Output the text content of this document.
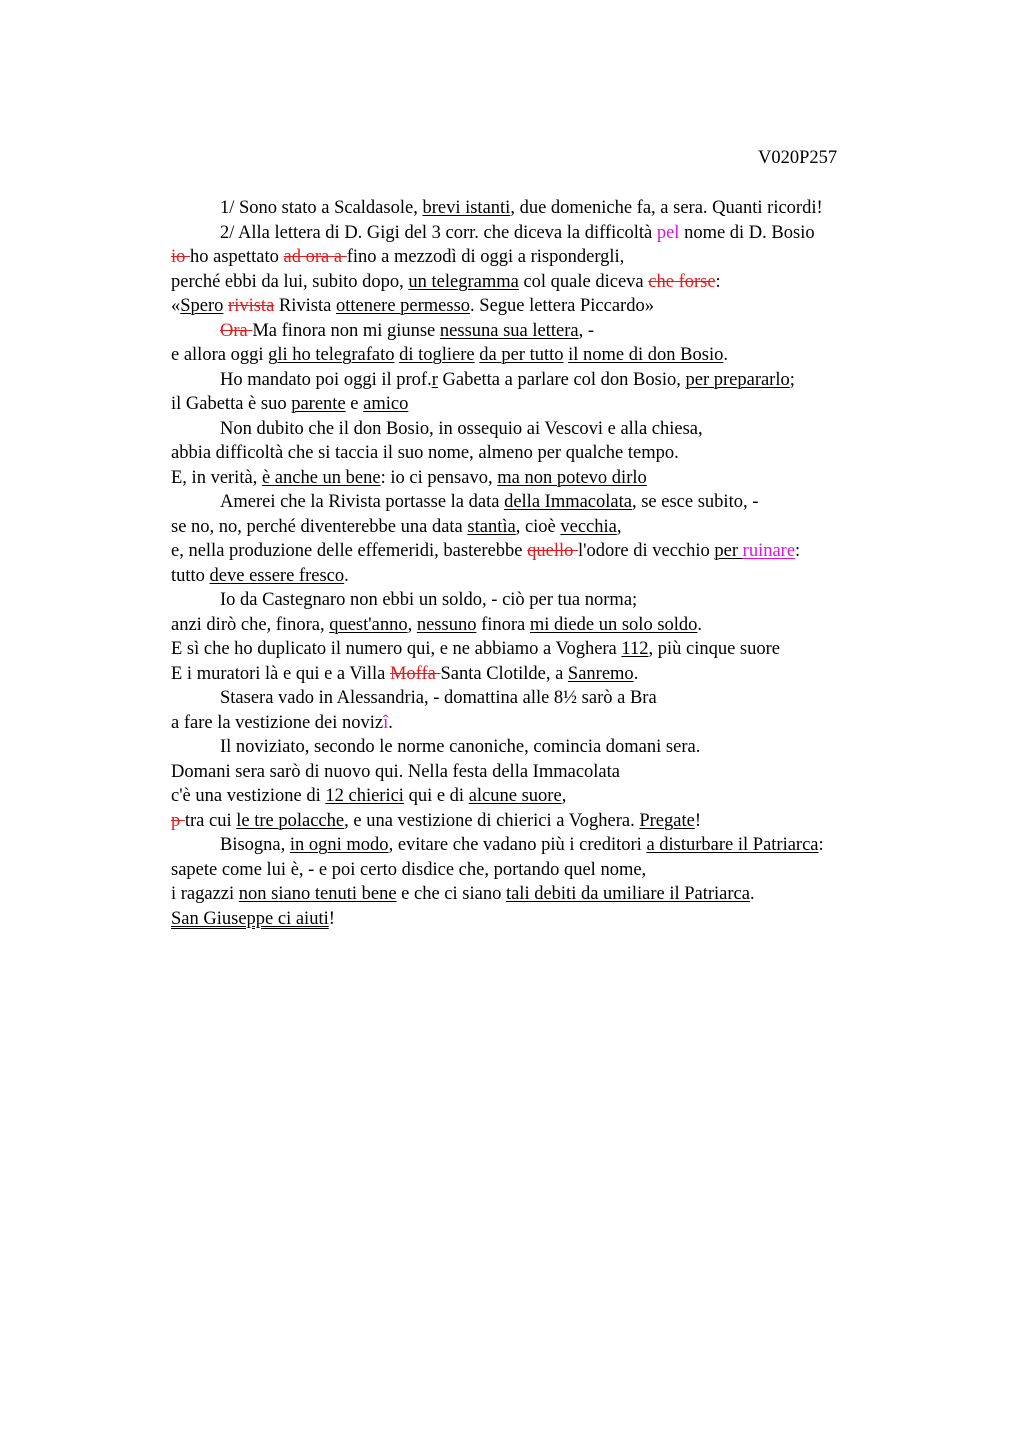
V020P257
1/ Sono stato a Scaldasole, brevi istanti, due domeniche fa, a sera. Quanti ricordi!
2/ Alla lettera di D. Gigi del 3 corr. che diceva la difficoltà pel nome di D. Bosio
io ho aspettato ad ora a fino a mezzodì di oggi a rispondergli,
perché ebbi da lui, subito dopo, un telegramma col quale diceva che forse:
«Spero rivista Rivista ottenere permesso. Segue lettera Piccardo»
Ora Ma finora non mi giunse nessuna sua lettera, -
e allora oggi gli ho telegrafato di togliere da per tutto il nome di don Bosio.
Ho mandato poi oggi il prof.r Gabetta a parlare col don Bosio, per prepararlo;
il Gabetta è suo parente e amico
Non dubito che il don Bosio, in ossequio ai Vescovi e alla chiesa,
abbia difficoltà che si taccia il suo nome, almeno per qualche tempo.
E, in verità, è anche un bene: io ci pensavo, ma non potevo dirlo
Amerei che la Rivista portasse la data della Immacolata, se esce subito, -
se no, no, perché diventerebbe una data stantìa, cioè vecchia,
e, nella produzione delle effemeridi, basterebbe quello l'odore di vecchio per ruinare:
tutto deve essere fresco.
Io da Castegnaro non ebbi un soldo, - ciò per tua norma;
anzi dirò che, finora, quest'anno, nessuno finora mi diede un solo soldo.
E sì che ho duplicato il numero qui, e ne abbiamo a Voghera 112, più cinque suore
E i muratori là e qui e a Villa Moffa Santa Clotilde, a Sanremo.
Stasera vado in Alessandria, - domattina alle 8½ sarò a Bra
a fare la vestizione dei novizî.
Il noviziato, secondo le norme canoniche, comincia domani sera.
Domani sera sarò di nuovo qui. Nella festa della Immacolata
c'è una vestizione di 12 chierici qui e di alcune suore,
p tra cui le tre polacche, e una vestizione di chierici a Voghera. Pregate!
Bisogna, in ogni modo, evitare che vadano più i creditori a disturbare il Patriarca:
sapete come lui è, - e poi certo disdice che, portando quel nome,
i ragazzi non siano tenuti bene e che ci siano tali debiti da umiliare il Patriarca.
San Giuseppe ci aiuti!
